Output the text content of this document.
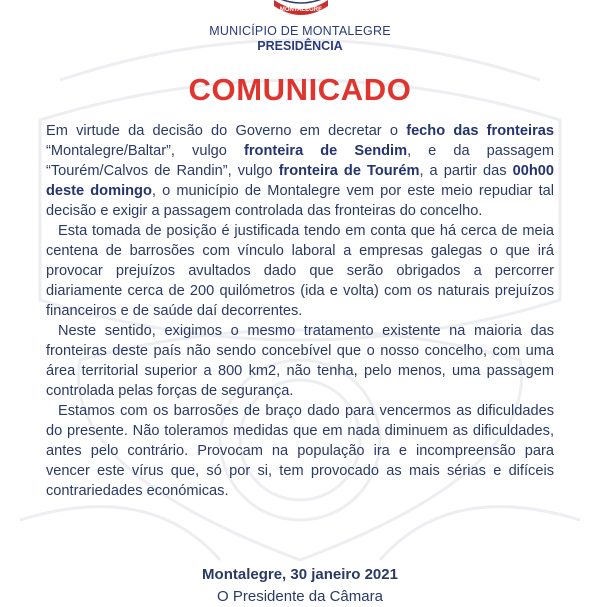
MONTALEGRE
MUNICÍPIO DE MONTALEGRE
PRESIDÊNCIA
COMUNICADO

Em virtude da decisão do Governo em decretar o fecho das fronteiras “Montalegre/Baltar”, vulgo fronteira de Sendim, e da passagem “Tourém/Calvos de Randin”, vulgo fronteira de Tourém, a partir das 00h00 deste domingo, o município de Montalegre vem por este meio repudiar tal decisão e exigir a passagem controlada das fronteiras do concelho.

Esta tomada de posição é justificada tendo em conta que há cerca de meia centena de barrosões com vínculo laboral a empresas galegas o que irá provocar prejuízos avultados dado que serão obrigados a percorrer diariamente cerca de 200 quilómetros (ida e volta) com os naturais prejuízos financeiros e de saúde daí decorrentes.

Neste sentido, exigimos o mesmo tratamento existente na maioria das fronteiras deste país não sendo concebível que o nosso concelho, com uma área territorial superior a 800 km2, não tenha, pelo menos, uma passagem controlada pelas forças de segurança.

Estamos com os barrosões de braço dado para vencermos as dificuldades do presente. Não toleramos medidas que em nada diminuem as dificuldades, antes pelo contrário. Provocam na população ira e incompreensão para vencer este vírus que, só por si, tem provocado as mais sérias e difíceis contrariedades económicas.

Montalegre, 30 janeiro 2021
O Presidente da Câmara
